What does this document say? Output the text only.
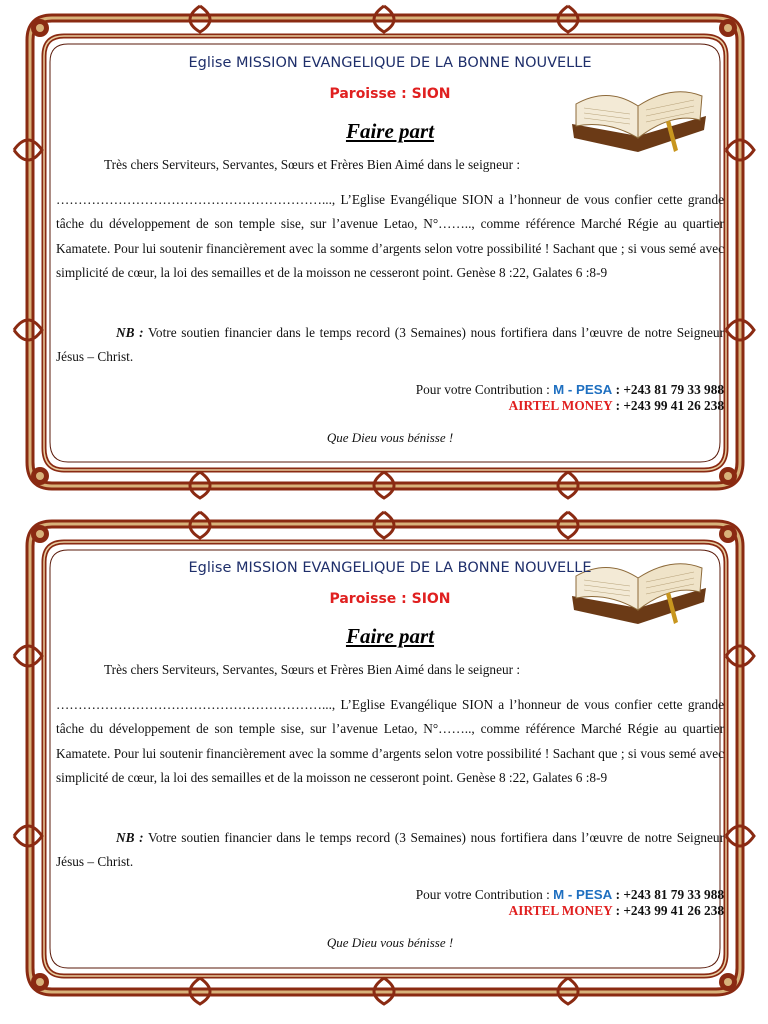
Eglise MISSION EVANGELIQUE DE LA BONNE NOUVELLE
Paroisse : SION
Faire part
Très chers Serviteurs, Servantes, Sœurs et Frères Bien Aimé dans le seigneur :
……………………………………………………..., L’Eglise Evangélique SION a l’honneur de vous confier cette grande tâche du développement de son temple sise, sur l’avenue Letao, N°…….., comme référence Marché Régie au quartier Kamatete. Pour lui soutenir financièrement avec la somme d’argents selon votre possibilité ! Sachant que ; si vous semé avec simplicité de cœur, la loi des semailles et de la moisson ne cesseront point. Genèse 8 :22, Galates 6 :8-9
NB : Votre soutien financier dans le temps record (3 Semaines) nous fortifiera dans l’œuvre de notre Seigneur Jésus – Christ.
Pour votre Contribution : M - PESA : +243 81 79 33 988
AIRTEL MONEY : +243 99 41 26 238
Que Dieu vous bénisse !
Eglise MISSION EVANGELIQUE DE LA BONNE NOUVELLE
Paroisse : SION
Faire part
Très chers Serviteurs, Servantes, Sœurs et Frères Bien Aimé dans le seigneur :
……………………………………………………..., L’Eglise Evangélique SION a l’honneur de vous confier cette grande tâche du développement de son temple sise, sur l’avenue Letao, N°…….., comme référence Marché Régie au quartier Kamatete. Pour lui soutenir financièrement avec la somme d’argents selon votre possibilité ! Sachant que ; si vous semé avec simplicité de cœur, la loi des semailles et de la moisson ne cesseront point. Genèse 8 :22, Galates 6 :8-9
NB : Votre soutien financier dans le temps record (3 Semaines) nous fortifiera dans l’œuvre de notre Seigneur Jésus – Christ.
Pour votre Contribution : M - PESA : +243 81 79 33 988
AIRTEL MONEY : +243 99 41 26 238
Que Dieu vous bénisse !
